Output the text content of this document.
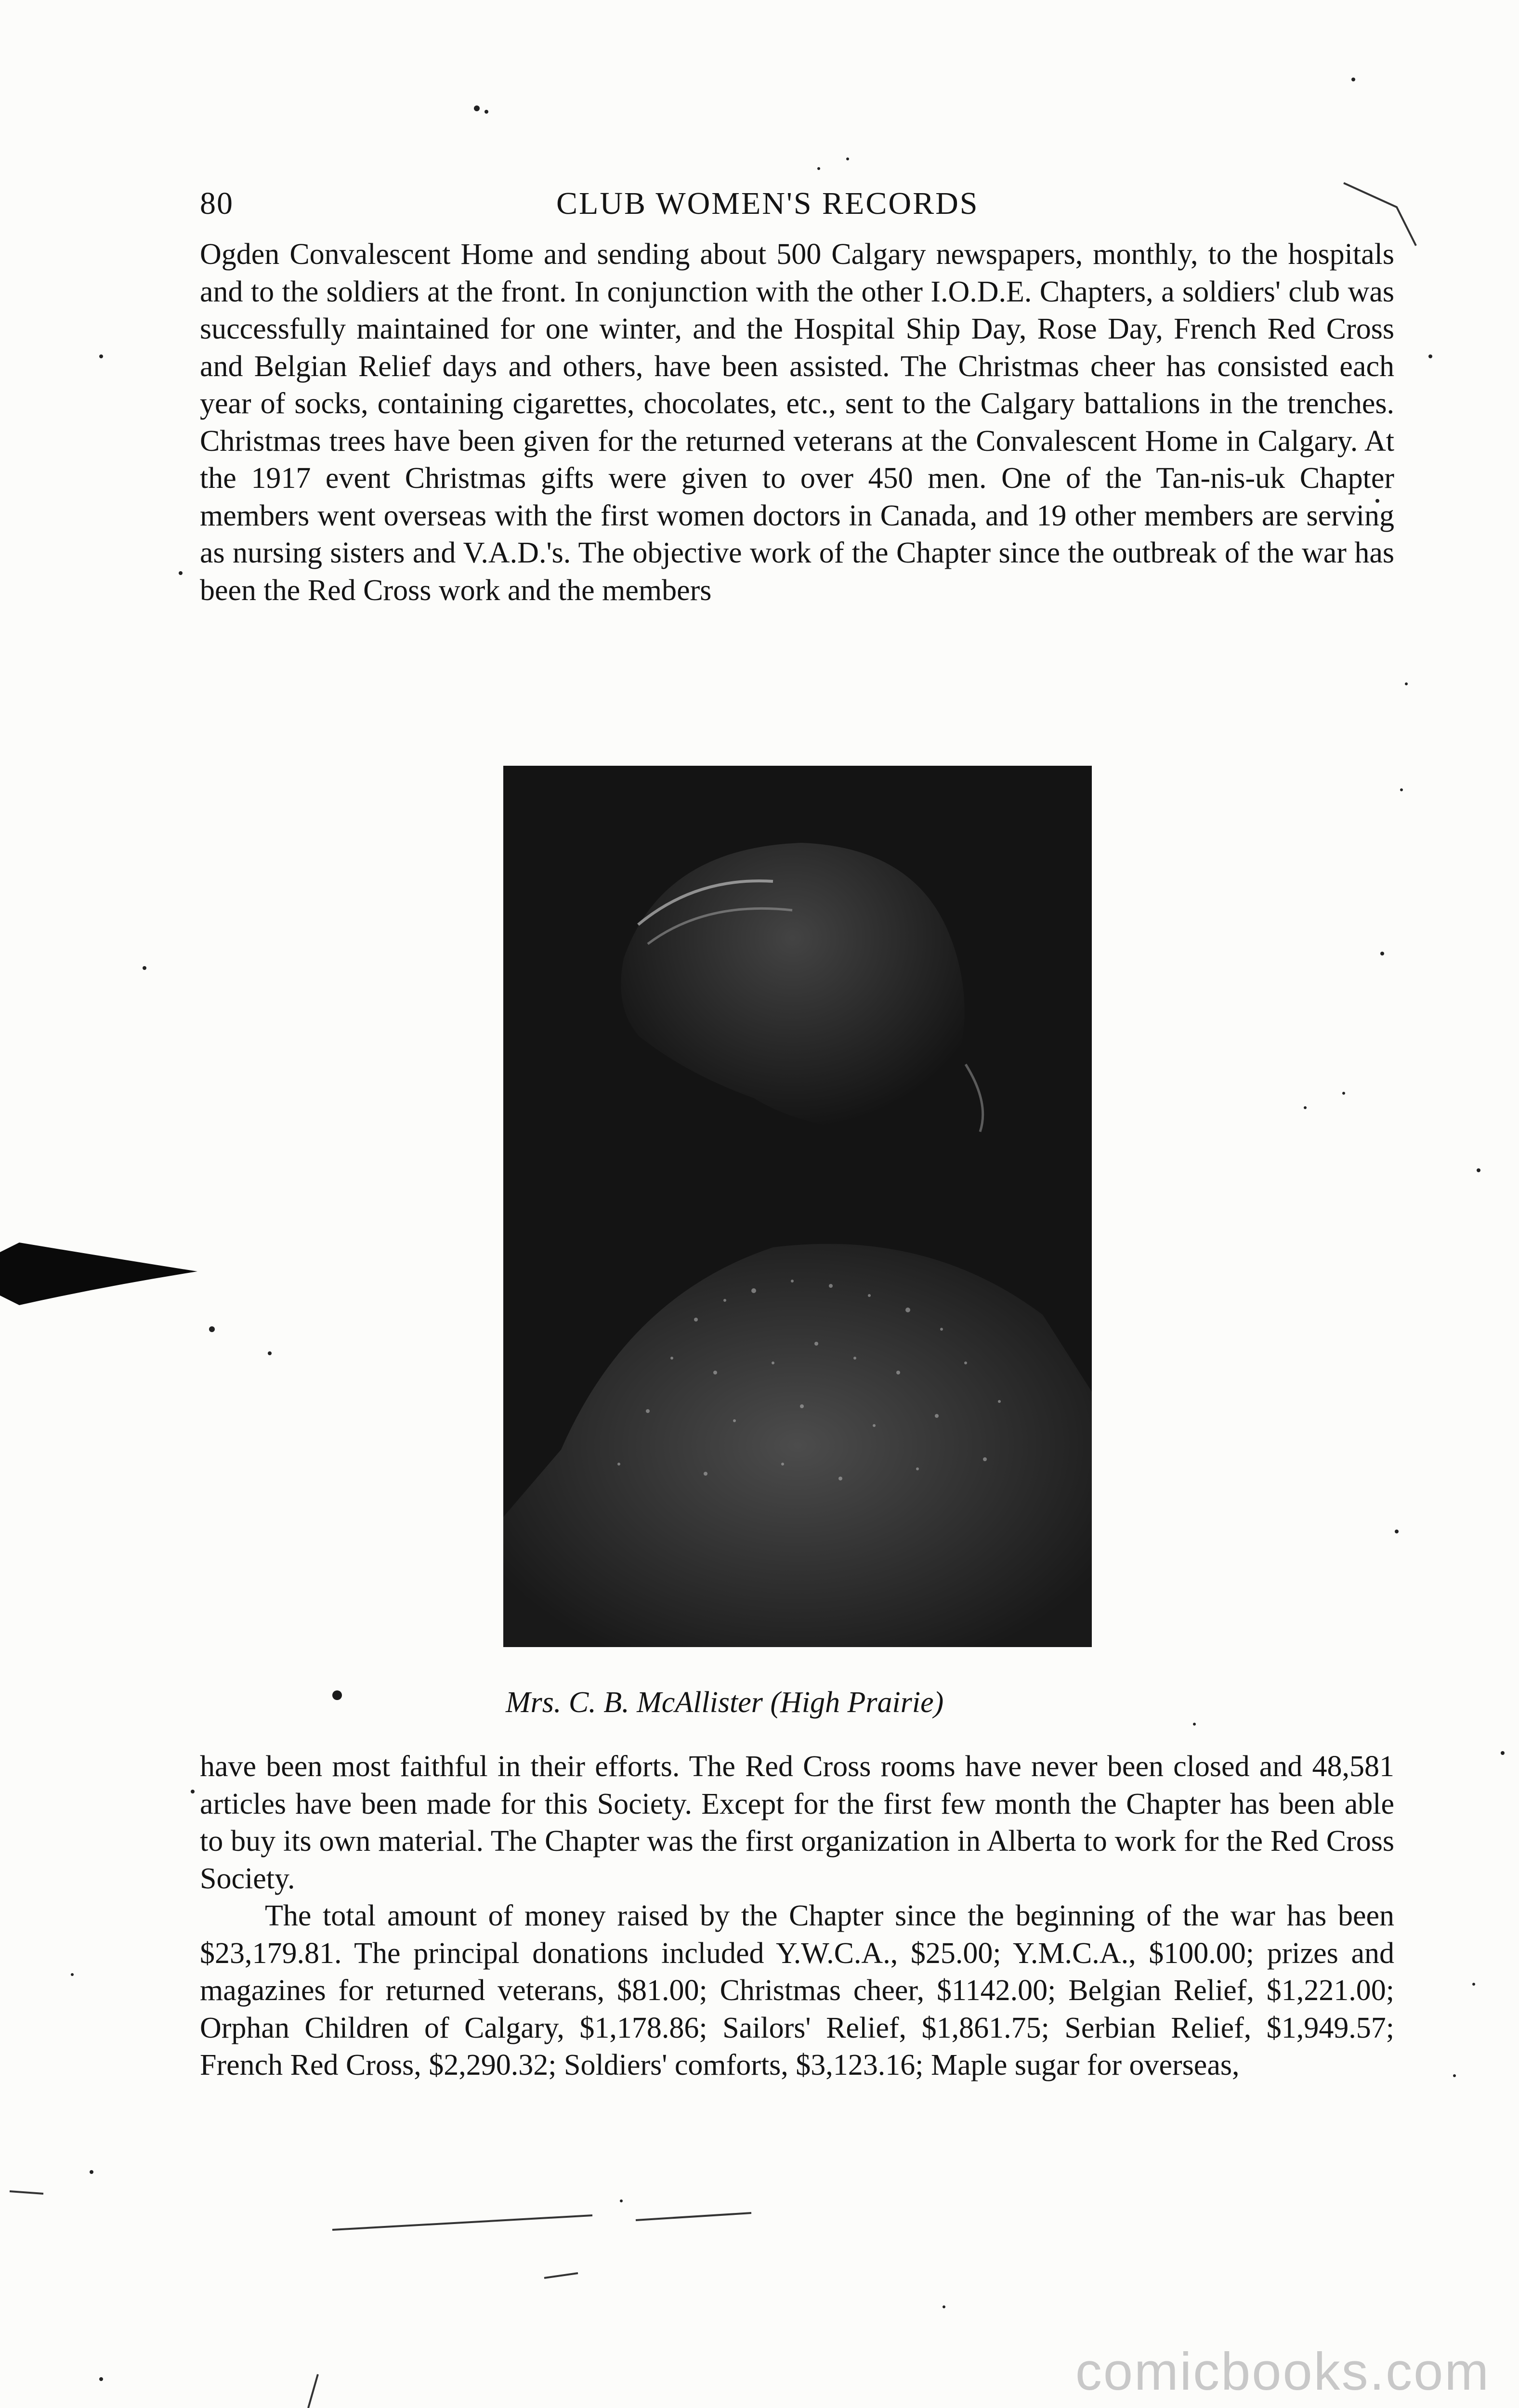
80	CLUB WOMEN'S RECORDS

Ogden Convalescent Home and sending about 500 Calgary newspapers, monthly, to the hospitals and to the soldiers at the front. In conjunction with the other I.O.D.E. Chapters, a soldiers' club was successfully maintained for one winter, and the Hospital Ship Day, Rose Day, French Red Cross and Belgian Relief days and others, have been assisted. The Christmas cheer has consisted each year of socks, containing cigarettes, chocolates, etc., sent to the Calgary battalions in the trenches. Christmas trees have been given for the returned veterans at the Convalescent Home in Calgary. At the 1917 event Christmas gifts were given to over 450 men. One of the Tan-nis-uk Chapter members went overseas with the first women doctors in Canada, and 19 other members are serving as nursing sisters and V.A.D.'s. The objective work of the Chapter since the outbreak of the war has been the Red Cross work and the members

Mrs. C. B. McAllister (High Prairie)

have been most faithful in their efforts. The Red Cross rooms have never been closed and 48,581 articles have been made for this Society. Except for the first few month the Chapter has been able to buy its own material. The Chapter was the first organization in Alberta to work for the Red Cross Society.

The total amount of money raised by the Chapter since the beginning of the war has been $23,179.81. The principal donations included Y.W.C.A., $25.00; Y.M.C.A., $100.00; prizes and magazines for returned veterans, $81.00; Christmas cheer, $1142.00; Belgian Relief, $1,221.00; Orphan Children of Calgary, $1,178.86; Sailors' Relief, $1,861.75; Serbian Relief, $1,949.57; French Red Cross, $2,290.32; Soldiers' comforts, $3,123.16; Maple sugar for overseas,

comicbooks.com
